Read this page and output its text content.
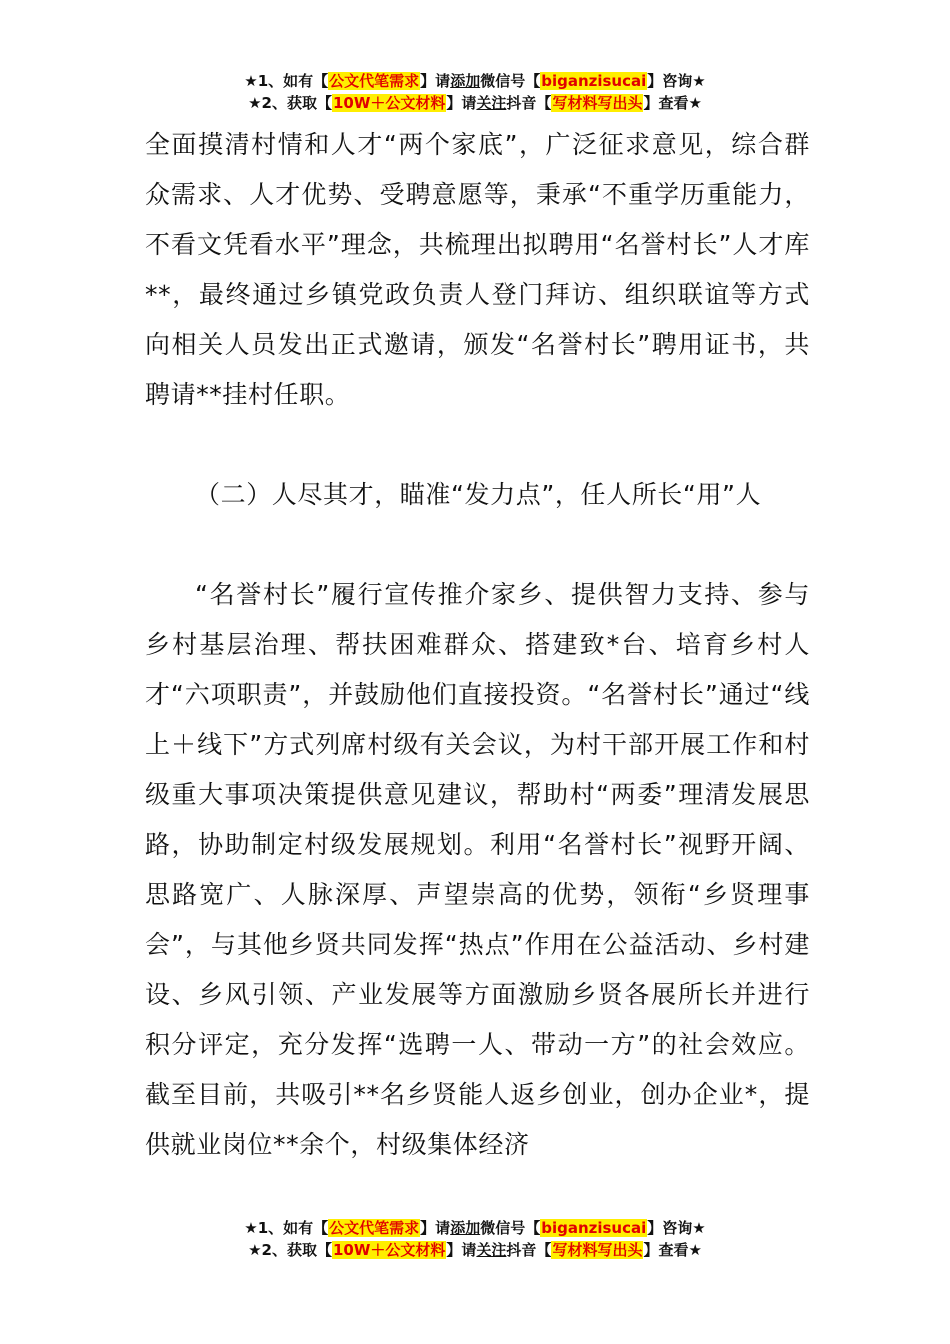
★1、如有【公文代笔需求】请添加微信号【biganzisucai】咨询★
★2、获取【10W＋公文材料】请关注抖音【写材料写出头】查看★

全面摸清村情和人才“两个家底”，广泛征求意见，综合群众需求、人才优势、受聘意愿等，秉承“不重学历重能力，不看文凭看水平”理念，共梳理出拟聘用“名誉村长”人才库**，最终通过乡镇党政负责人登门拜访、组织联谊等方式向相关人员发出正式邀请，颁发“名誉村长”聘用证书，共聘请**挂村任职。

（二）人尽其才，瞄准“发力点”，任人所长“用”人

“名誉村长”履行宣传推介家乡、提供智力支持、参与乡村基层治理、帮扶困难群众、搭建致*台、培育乡村人才“六项职责”，并鼓励他们直接投资。“名誉村长”通过“线上＋线下”方式列席村级有关会议，为村干部开展工作和村级重大事项决策提供意见建议，帮助村“两委”理清发展思路，协助制定村级发展规划。利用“名誉村长”视野开阔、思路宽广、人脉深厚、声望崇高的优势，领衔“乡贤理事会”，与其他乡贤共同发挥“热点”作用在公益活动、乡村建设、乡风引领、产业发展等方面激励乡贤各展所长并进行积分评定，充分发挥“选聘一人、带动一方”的社会效应。截至目前，共吸引**名乡贤能人返乡创业，创办企业*，提供就业岗位**余个，村级集体经济

★1、如有【公文代笔需求】请添加微信号【biganzisucai】咨询★
★2、获取【10W＋公文材料】请关注抖音【写材料写出头】查看★
